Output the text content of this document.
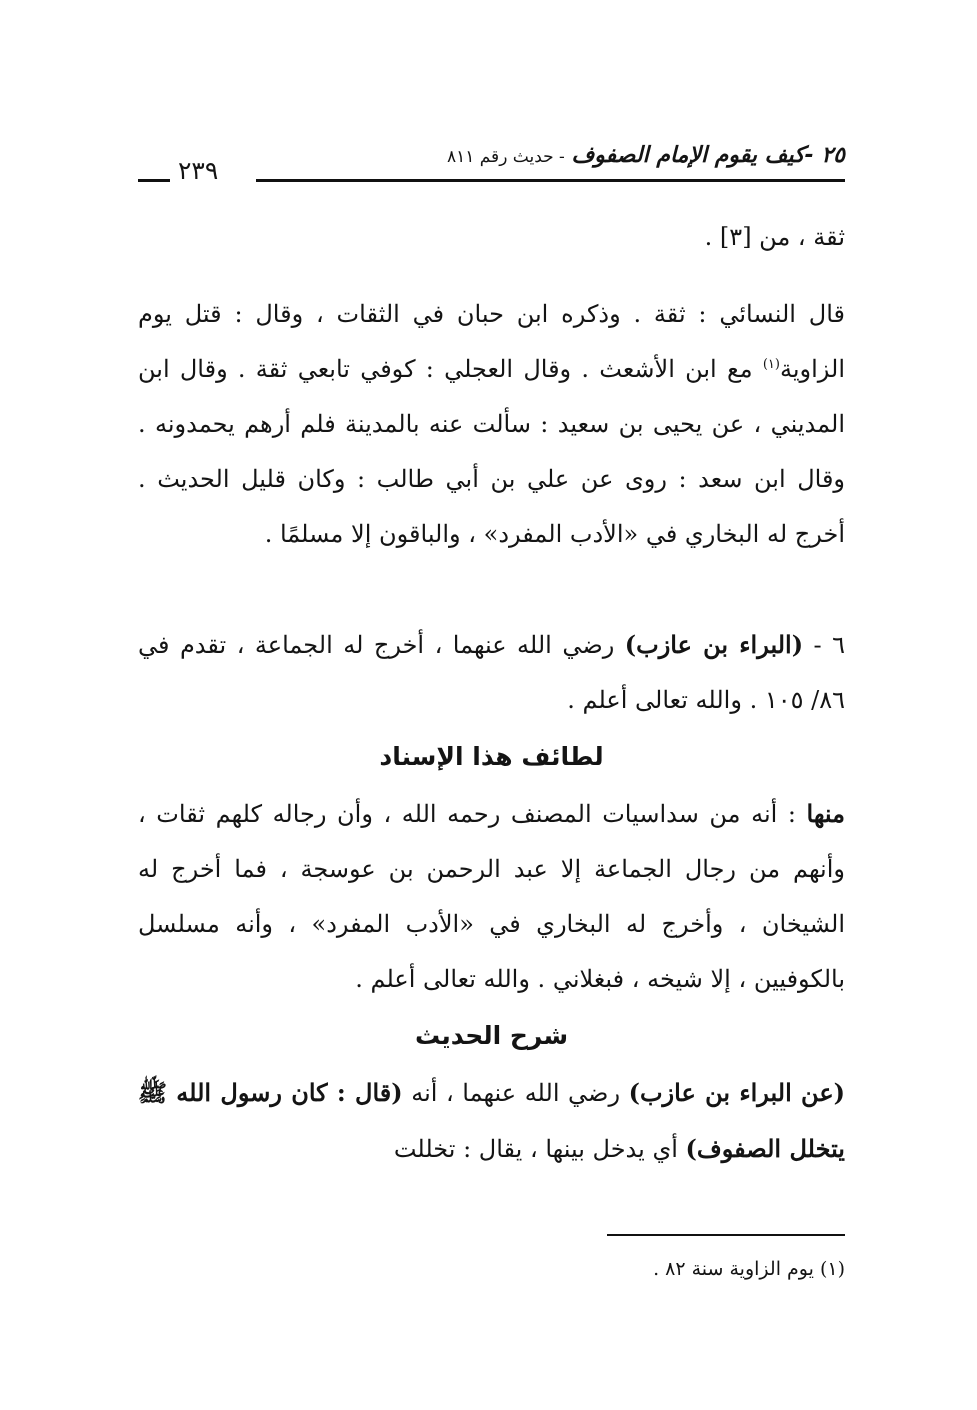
٢٥ -كيف يقوم الإمام الصفوف - حديث رقم ٨١١
٢٣٩

ثقة ، من [٣] .

قال النسائي : ثقة . وذكره ابن حبان في الثقات ، وقال : قتل يوم الزاوية$^{(١)}$ مع ابن الأشعث . وقال العجلي : كوفي تابعي ثقة . وقال ابن المديني ، عن يحيى بن سعيد : سألت عنه بالمدينة فلم أرهم يحمدونه . وقال ابن سعد : روى عن علي بن أبي طالب : وكان قليل الحديث . أخرج له البخاري في «الأدب المفرد» ، والباقون إلا مسلمًا .

٦ - (البراء بن عازب) رضي الله عنهما ، أخرج له الجماعة ، تقدم في ٨٦/ ١٠٥ . والله تعالى أعلم .

لطائف هذا الإسناد

منها : أنه من سداسيات المصنف رحمه الله ، وأن رجاله كلهم ثقات ، وأنهم من رجال الجماعة إلا عبد الرحمن بن عوسجة ، فما أخرج له الشيخان ، وأخرج له البخاري في «الأدب المفرد» ، وأنه مسلسل بالكوفيين ، إلا شيخه ، فبغلاني . والله تعالى أعلم .

شرح الحديث

(عن البراء بن عازب) رضي الله عنهما ، أنه (قال : كان رسول الله ﷺ يتخلل الصفوف) أي يدخل بينها ، يقال : تخللت

(١) يوم الزاوية سنة ٨٢ .
